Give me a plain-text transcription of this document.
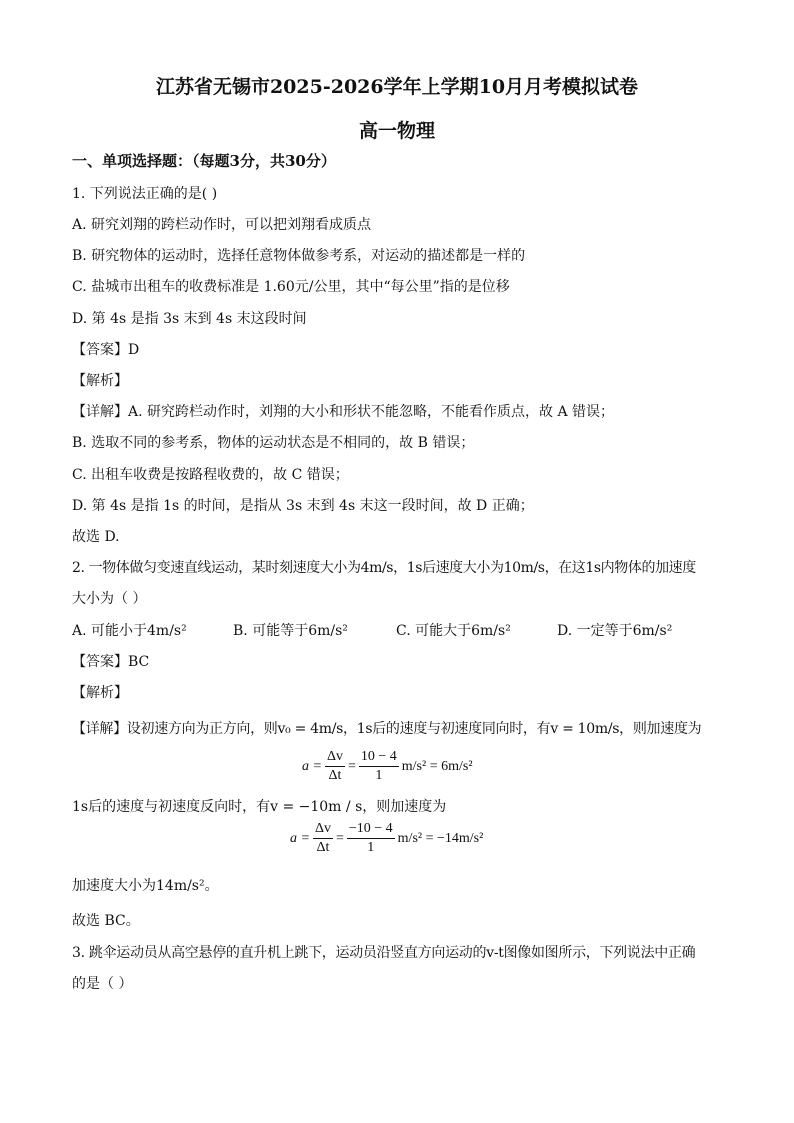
江苏省无锡市2025-2026学年上学期10月月考模拟试卷
高一物理
一、单项选择题：（每题3分，共30分）
1. 下列说法正确的是( )
A. 研究刘翔的跨栏动作时，可以把刘翔看成质点
B. 研究物体的运动时，选择任意物体做参考系，对运动的描述都是一样的
C. 盐城市出租车的收费标准是 1.60元/公里，其中“每公里”指的是位移
D. 第 4s 是指 3s 末到 4s 末这段时间
【答案】D
【解析】
【详解】A. 研究跨栏动作时，刘翔的大小和形状不能忽略，不能看作质点，故 A 错误；
B. 选取不同的参考系，物体的运动状态是不相同的，故 B 错误；
C. 出租车收费是按路程收费的，故 C 错误；
D. 第 4s 是指 1s 的时间，是指从 3s 末到 4s 末这一段时间，故 D 正确；
故选 D.
2. 一物体做匀变速直线运动，某时刻速度大小为4m/s，1s后速度大小为10m/s，在这1s内物体的加速度
大小为（ ）
A. 可能小于4m/s²	B. 可能等于6m/s²	C. 可能大于6m/s²	D. 一定等于6m/s²
【答案】BC
【解析】
【详解】设初速方向为正方向，则v₀ = 4m/s，1s后的速度与初速度同向时，有v = 10m/s，则加速度为
$a = \frac{\Delta v}{\Delta t} = \frac{10 - 4}{1} m/s^2 = 6m/s^2$
1s后的速度与初速度反向时，有v = −10m / s，则加速度为
$a = \frac{\Delta v}{\Delta t} = \frac{-10 - 4}{1} m/s^2 = -14m/s^2$
加速度大小为14m/s²。
故选 BC。
3. 跳伞运动员从高空悬停的直升机上跳下，运动员沿竖直方向运动的v-t图像如图所示，下列说法中正确
的是（ ）
